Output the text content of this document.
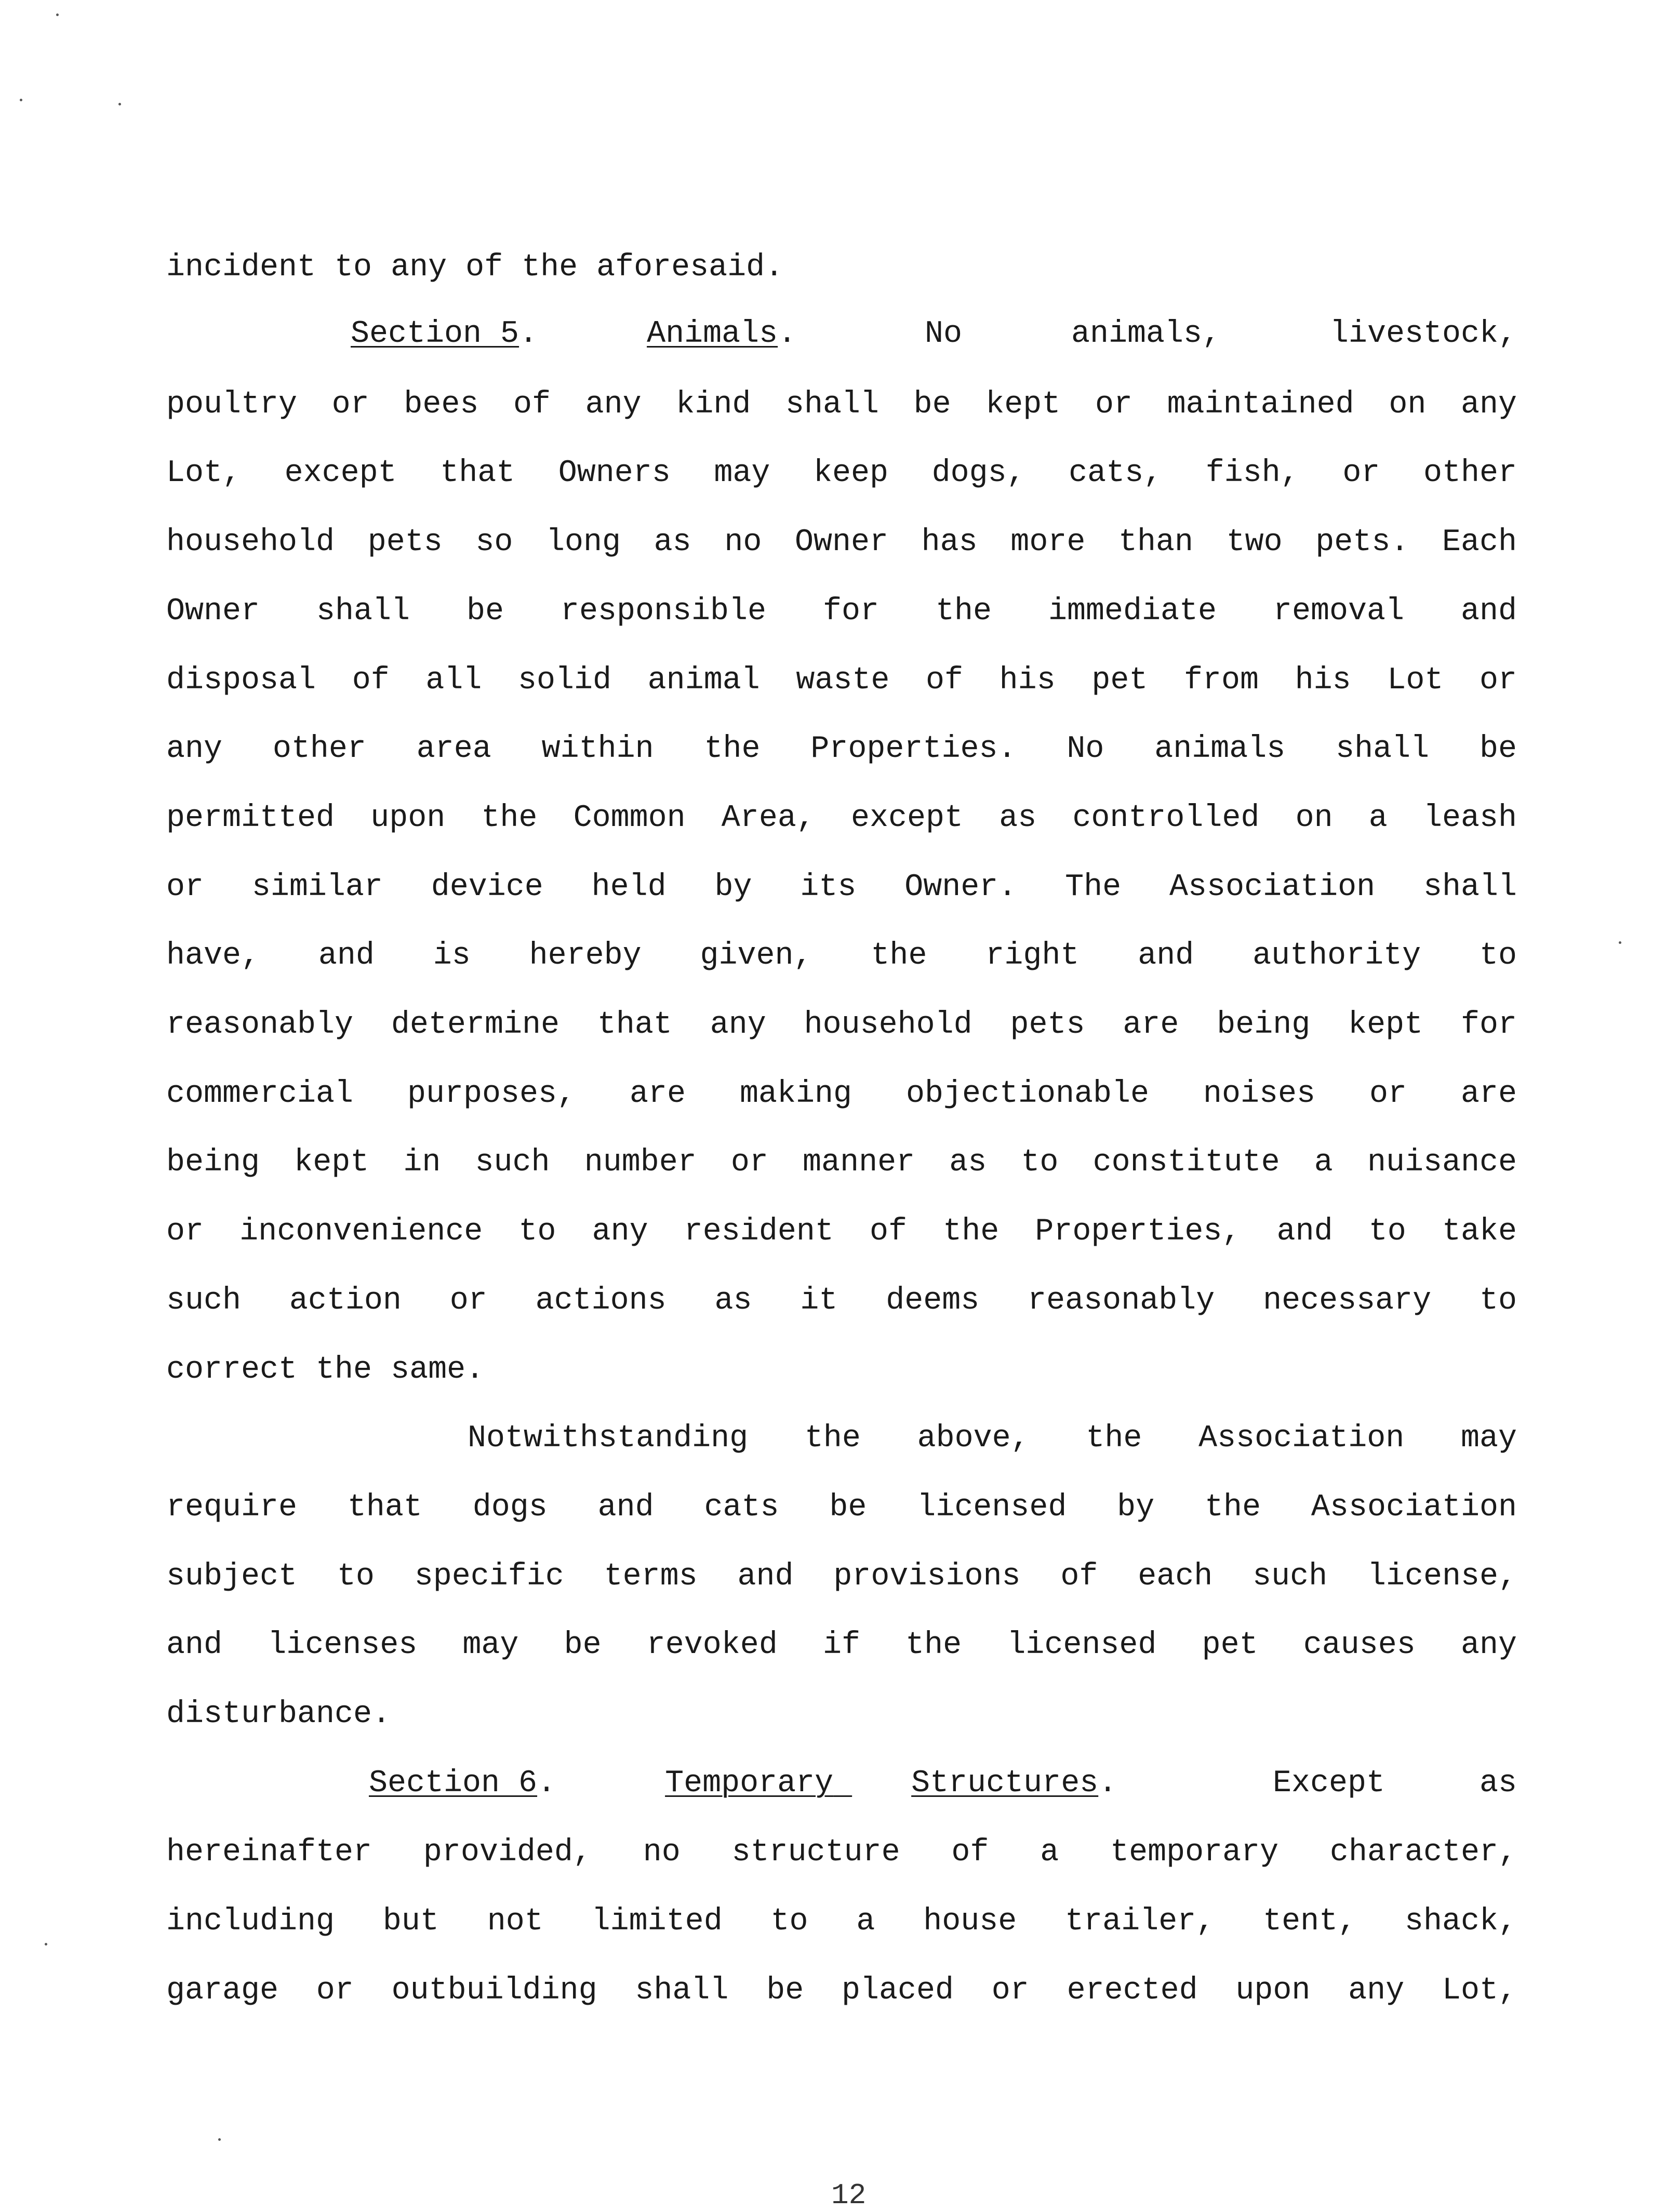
incident to any of the aforesaid.
Section 5.	Animals.	No animals, livestock,
poultry or bees of any kind shall be kept or maintained on any
Lot, except that Owners may keep dogs, cats, fish, or other
household pets so long as no Owner has more than two pets. Each
Owner shall be responsible for the immediate removal and
disposal of all solid animal waste of his pet from his Lot or
any other area within the Properties. No animals shall be
permitted upon the Common Area, except as controlled on a leash
or similar device held by its Owner. The Association shall
have, and is hereby given, the right and authority to
reasonably determine that any household pets are being kept for
commercial purposes, are making objectionable noises or are
being kept in such number or manner as to constitute a nuisance
or inconvenience to any resident of the Properties, and to take
such action or actions as it deems reasonably necessary to
correct the same.
Notwithstanding the above, the Association may
require that dogs and cats be licensed by the Association
subject to specific terms and provisions of each such license,
and licenses may be revoked if the licensed pet causes any
disturbance.
Section 6.	Temporary	Structures.	Except	as
hereinafter provided, no structure of a temporary character,
including but not limited to a house trailer, tent, shack,
garage or outbuilding shall be placed or erected upon any Lot,
12
